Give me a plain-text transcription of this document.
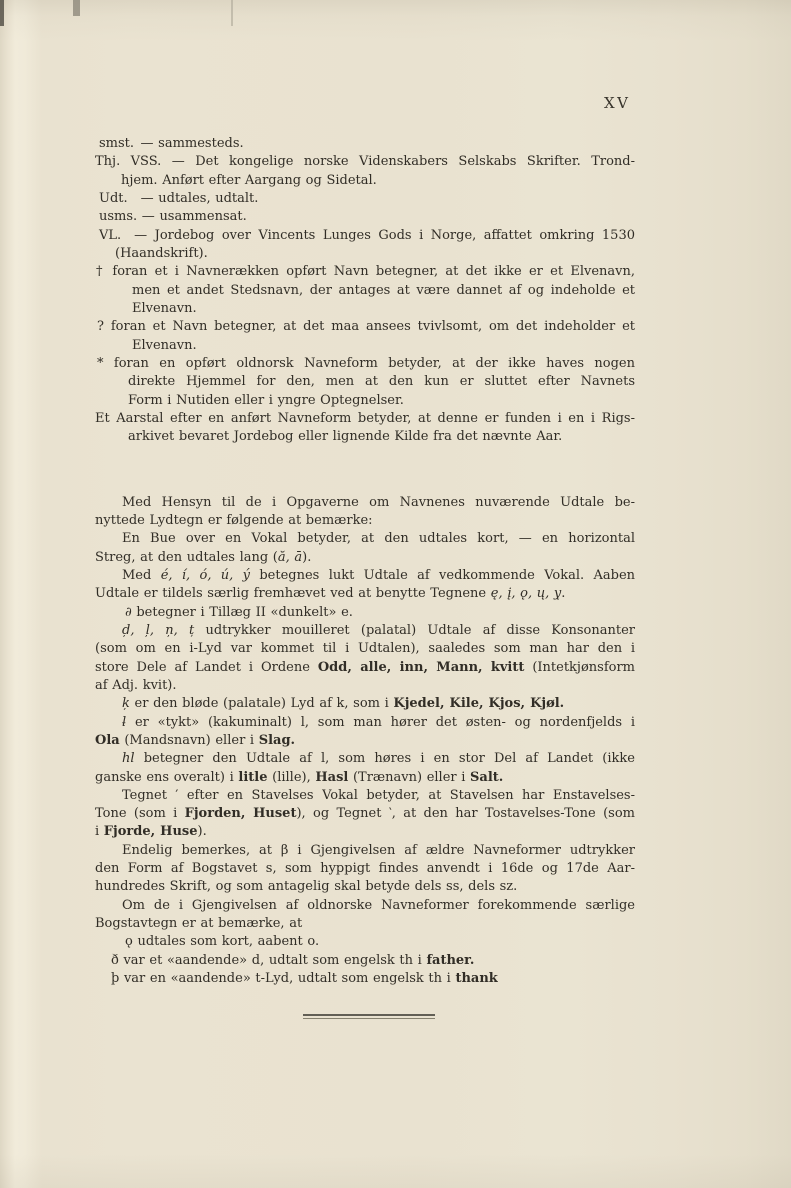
XV
smst. — sammesteds.
Thj. VSS. — Det kongelige norske Videnskabers Selskabs Skrifter. Trond-
hjem. Anført efter Aargang og Sidetal.
Udt. — udtales, udtalt.
usms. — usammensat.
VL. — Jordebog over Vincents Lunges Gods i Norge, affattet omkring 1530
(Haandskrift).
† foran et i Navnerækken opført Navn betegner, at det ikke er et Elvenavn,
men et andet Stedsnavn, der antages at være dannet af og indeholde et
Elvenavn.
? foran et Navn betegner, at det maa ansees tvivlsomt, om det indeholder et
Elvenavn.
* foran en opført oldnorsk Navneform betyder, at der ikke haves nogen
direkte Hjemmel for den, men at den kun er sluttet efter Navnets
Form i Nutiden eller i yngre Optegnelser.
Et Aarstal efter en anført Navneform betyder, at denne er funden i en i Rigs-
arkivet bevaret Jordebog eller lignende Kilde fra det nævnte Aar.
Med Hensyn til de i Opgaverne om Navnenes nuværende Udtale be-
nyttede Lydtegn er følgende at bemærke:
En Bue over en Vokal betyder, at den udtales kort, — en horizontal
Streg, at den udtales lang (ă, ā).
Med é, í, ó, ú, ý betegnes lukt Udtale af vedkommende Vokal. Aaben
Udtale er tildels særlig fremhævet ved at benytte Tegnene ę, į, ǫ, ų, y̨.
∂ betegner i Tillæg II «dunkelt» e.
d̦, l̦, n̦, ț udtrykker mouilleret (palatal) Udtale af disse Konsonanter
(som om en i-Lyd var kommet til i Udtalen), saaledes som man har den i
store Dele af Landet i Ordene Odd, alle, inn, Mann, kvitt (Intetkjønsform
af Adj. kvit).
k̦ er den bløde (palatale) Lyd af k, som i Kjedel, Kile, Kjos, Kjøl.
ƚ er «tykt» (kakuminalt) l, som man hører det østen- og nordenfjelds i
Ola (Mandsnavn) eller i Slag.
hl betegner den Udtale af l, som høres i en stor Del af Landet (ikke
ganske ens overalt) i litle (lille), Hasl (Trænavn) eller i Salt.
Tegnet ′ efter en Stavelses Vokal betyder, at Stavelsen har Enstavelses-
Tone (som i Fjorden, Huset), og Tegnet ‵, at den har Tostavelses-Tone (som
i Fjorde, Huse).
Endelig bemerkes, at β i Gjengivelsen af ældre Navneformer udtrykker
den Form af Bogstavet s, som hyppigt findes anvendt i 16de og 17de Aar-
hundredes Skrift, og som antagelig skal betyde dels ss, dels sz.
Om de i Gjengivelsen af oldnorske Navneformer forekommende særlige
Bogstavtegn er at bemærke, at
ǫ udtales som kort, aabent o.
ð var et «aandende» d, udtalt som engelsk th i father.
þ var en «aandende» t-Lyd, udtalt som engelsk th i thank
